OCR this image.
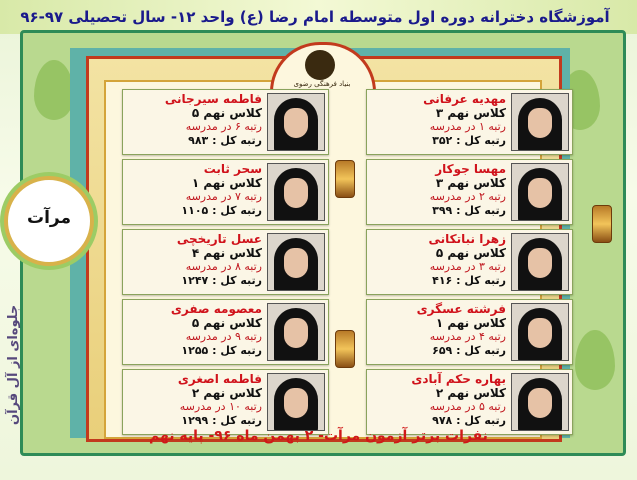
آموزشگاه دخترانه دوره اول متوسطه امام رضا (ع) واحد ۱۲- سال تحصیلی ۹۷-۹۶
بنیاد فرهنگی رضوی
مرآت
جلوه‌ای از آل قرآن
مهدیه عرفانی
کلاس نهم ۳
رتبه ۱ در مدرسه
رتبه کل : ۳۵۲
مهسا جوکار
کلاس نهم ۳
رتبه ۲ در مدرسه
رتبه کل : ۳۹۹
زهرا نباتکانی
کلاس نهم ۵
رتبه ۳ در مدرسه
رتبه کل : ۴۱۶
فرشته عسگری
کلاس نهم ۱
رتبه ۴ در مدرسه
رتبه کل : ۶۵۹
بهاره حکم آبادی
کلاس نهم ۲
رتبه ۵ در مدرسه
رتبه کل : ۹۷۸
فاطمه سیرجانی
کلاس نهم ۵
رتبه ۶ در مدرسه
رتبه کل : ۹۸۳
سحر ثابت
کلاس نهم ۱
رتبه ۷ در مدرسه
رتبه کل : ۱۱۰۵
عسل تاریخچی
کلاس نهم ۴
رتبه ۸ در مدرسه
رتبه کل : ۱۲۴۷
معصومه صفری
کلاس نهم ۵
رتبه ۹ در مدرسه
رتبه کل : ۱۲۵۵
فاطمه اصغری
کلاس نهم ۲
رتبه ۱۰ در مدرسه
رتبه کل : ۱۲۹۹
نفرات برتر آزمون مرآت- ۲ بهمن ماه ۹۶- پایه نهم
